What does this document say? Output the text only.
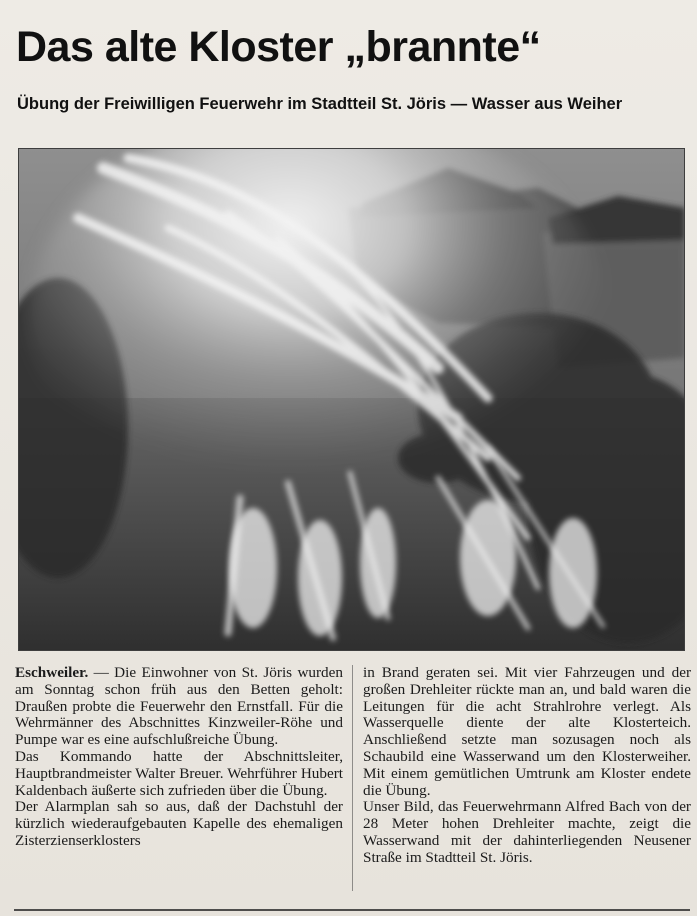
Das alte Kloster „brannte“
Übung der Freiwilligen Feuerwehr im Stadtteil St. Jöris — Wasser aus Weiher

Eschweiler. — Die Einwohner von St. Jöris wurden am Sonntag schon früh aus den Betten geholt: Draußen probte die Feuerwehr den Ernstfall. Für die Wehrmänner des Abschnittes Kinzweiler-Röhe und Pumpe war es eine aufschlußreiche Übung.

Das Kommando hatte der Abschnittsleiter, Hauptbrandmeister Walter Breuer. Wehrführer Hubert Kaldenbach äußerte sich zufrieden über die Übung.

Der Alarmplan sah so aus, daß der Dachstuhl der kürzlich wiederaufgebauten Kapelle des ehemaligen Zisterzienserklosters

in Brand geraten sei. Mit vier Fahrzeugen und der großen Drehleiter rückte man an, und bald waren die Leitungen für die acht Strahlrohre verlegt. Als Wasserquelle diente der alte Klosterteich. Anschließend setzte man sozusagen noch als Schaubild eine Wasserwand um den Klosterweiher. Mit einem gemütlichen Umtrunk am Kloster endete die Übung.

Unser Bild, das Feuerwehrmann Alfred Bach von der 28 Meter hohen Drehleiter machte, zeigt die Wasserwand mit der dahinterliegenden Neusener Straße im Stadtteil St. Jöris.
